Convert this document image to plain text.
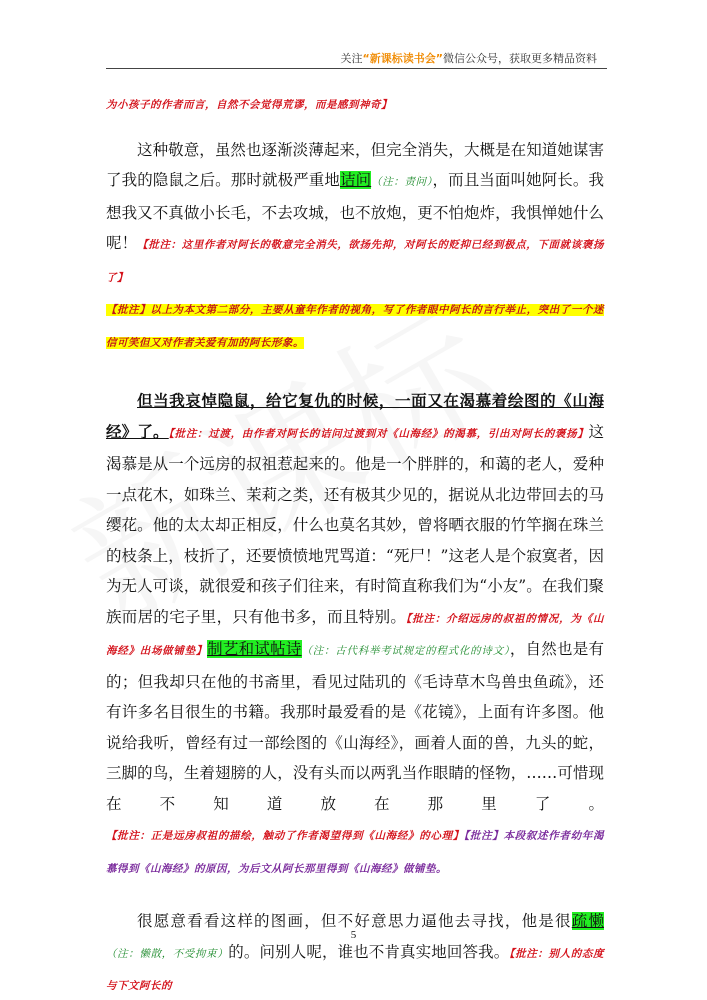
关注“新课标读书会”微信公众号，获取更多精品资料

为小孩子的作者而言，自然不会觉得荒谬，而是感到神奇】

这种敬意，虽然也逐渐淡薄起来，但完全消失，大概是在知道她谋害了我的隐鼠之后。那时就极严重地诘问（注：责问），而且当面叫她阿长。我想我又不真做小长毛，不去攻城，也不放炮，更不怕炮炸，我惧惮她什么呢！【批注：这里作者对阿长的敬意完全消失，欲扬先抑，对阿长的贬抑已经到极点，下面就该褒扬了】

【批注】以上为本文第二部分，主要从童年作者的视角，写了作者眼中阿长的言行举止，突出了一个迷信可笑但又对作者关爱有加的阿长形象。

但当我哀悼隐鼠，给它复仇的时候，一面又在渴慕着绘图的《山海经》了。【批注：过渡，由作者对阿长的诘问过渡到对《山海经》的渴慕，引出对阿长的褒扬】这渴慕是从一个远房的叔祖惹起来的。他是一个胖胖的，和蔼的老人，爱种一点花木，如珠兰、茉莉之类，还有极其少见的，据说从北边带回去的马缨花。他的太太却正相反，什么也莫名其妙，曾将晒衣服的竹竿搁在珠兰的枝条上，枝折了，还要愤愤地咒骂道：“死尸！”这老人是个寂寞者，因为无人可谈，就很爱和孩子们往来，有时简直称我们为“小友”。在我们聚族而居的宅子里，只有他书多，而且特别。【批注：介绍远房的叔祖的情况，为《山海经》出场做铺垫】制艺和试帖诗（注：古代科举考试规定的程式化的诗文），自然也是有的；但我却只在他的书斋里，看见过陆玑的《毛诗草木鸟兽虫鱼疏》，还有许多名目很生的书籍。我那时最爱看的是《花镜》，上面有许多图。他说给我听，曾经有过一部绘图的《山海经》，画着人面的兽，九头的蛇，三脚的鸟，生着翅膀的人，没有头而以两乳当作眼睛的怪物，……可惜现在不知道放在那里了。【批注：正是远房叔祖的描绘，触动了作者渴望得到《山海经》的心理】【批注】本段叙述作者幼年渴慕得到《山海经》的原因，为后文从阿长那里得到《山海经》做铺垫。

很愿意看看这样的图画，但不好意思力逼他去寻找，他是很疏懒（注：懒散，不受拘束）的。问别人呢，谁也不肯真实地回答我。【批注：别人的态度与下文阿长的

5
